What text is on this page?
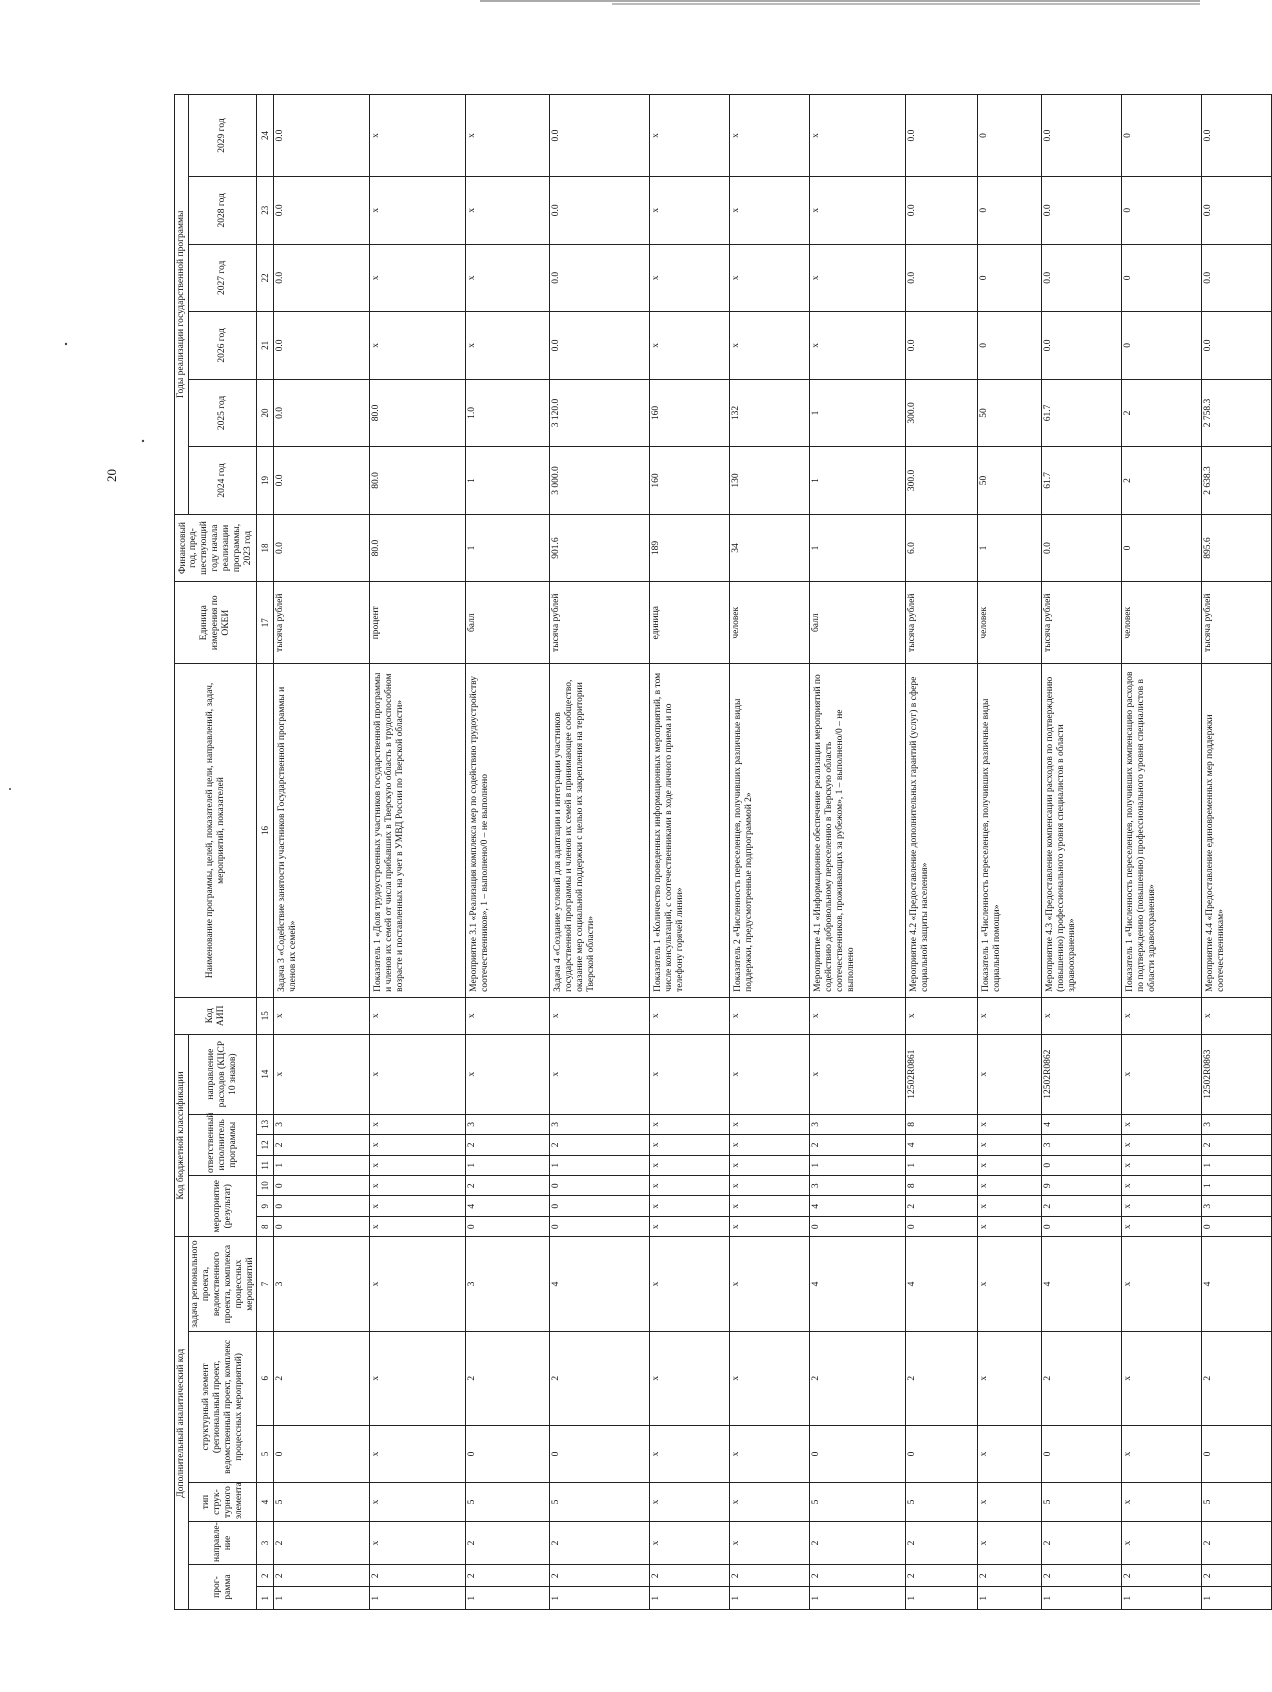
20
Дополнительный аналитический код							Код бюджетной классификации							Код АИП	Наименование программы, целей, показателей цели, направлений, задач, мероприятий, показателей	Единица измерения по ОКЕИ	Финансовый год, пред-шествующий году начала реализации программы, 2023 год	Годы реализации государственной программы					
прог-рамма		направле-ние	тип струк-турного элемента	структурный элемент (региональный проект, ведомственный проект, комплекс процессных мероприятий)		задача регионального проекта, ведомственного проекта, комплекса процессных мероприятий	мероприятие (результат)			ответственный исполнитель программы			направление расходов (КЦСР 10 знаков)					2024 год	2025 год	2026 год	2027 год	2028 год	2029 год

1	2	3	4	5	6	7	8	9	10	11	12	13	14	15	16	17	18	19	20	21	22	23	24
1	2	2	5	0	2	3	0	0	0	1	2	3	x	x	Задача 3 «Содействие занятости участников Государственной программы и членов их семей»	тысяча рублей	0.0	0.0	0.0	0.0	0.0	0.0	0.0
1	2	x	x	x	x	x	x	x	x	x	x	x	x	x	Показатель 1 «Доля трудоустроенных участников государственной программы и членов их семей от числа прибывших в Тверскую область в трудоспособном возрасте и поставленных на учет в УМВД России по Тверской области»	процент	80.0	80.0	80.0	x	x	x	x
1	2	2	5	0	2	3	0	4	2	1	2	3	x	x	Мероприятие 3.1 «Реализация комплекса мер по содействию трудоустройству соотечественников», 1 – выполнено/0 – не выполнено	балл	1	1	1.0	x	x	x	x
1	2	2	5	0	2	4	0	0	0	1	2	3	x	x	Задача 4 «Создание условий для адаптации и интеграции участников государственной программы и членов их семей в принимающее сообщество, оказание мер социальной поддержки с целью их закрепления на территории Тверской области»	тысяча рублей	901.6	3 000.0	3 120.0	0.0	0.0	0.0	0.0
1	2	x	x	x	x	x	x	x	x	x	x	x	x	x	Показатель 1 «Количество проведенных информационных мероприятий, в том числе консультаций, с соотечественниками в ходе личного приема и по телефону горячей линии»	единица	189	160	160	x	x	x	x
1	2	x	x	x	x	x	x	x	x	x	x	x	x	x	Показатель 2 «Численность переселенцев, получивших различные виды поддержки, предусмотренные подпрограммой 2»	человек	34	130	132	x	x	x	x
1	2	2	5	0	2	4	0	4	3	1	2	3	x	x	Мероприятие 4.1 «Информационное обеспечение реализации мероприятий по содействию добровольному переселению в Тверскую область соотечественников, проживающих за рубежом», 1 – выполнено/0 – не выполнено	балл	1	1	1	x	x	x	x
1	2	2	5	0	2	4	0	2	8	1	4	8	12502R0861	x	Мероприятие 4.2 «Предоставление дополнительных гарантий (услуг) в сфере социальной защиты населения»	тысяча рублей	6.0	300.0	300.0	0.0	0.0	0.0	0.0
1	2	x	x	x	x	x	x	x	x	x	x	x	x	x	Показатель 1 «Численность переселенцев, получивших различные виды социальной помощи»	человек	1	50	50	0	0	0	0
1	2	2	5	0	2	4	0	2	9	0	3	4	12502R0862	x	Мероприятие 4.3 «Предоставление компенсации расходов по подтверждению (повышению) профессионального уровня специалистов в области здравоохранения»	тысяча рублей	0.0	61.7	61.7	0.0	0.0	0.0	0.0
1	2	x	x	x	x	x	x	x	x	x	x	x	x	x	Показатель 1 «Численность переселенцев, получивших компенсацию расходов по подтверждению (повышению) профессионального уровня специалистов в области здравоохранения»	человек	0	2	2	0	0	0	0
1	2	2	5	0	2	4	0	3	1	1	2	3	12502R0863	x	Мероприятие 4.4 «Предоставление единовременных мер поддержки соотечественникам»	тысяча рублей	895.6	2 638.3	2 758.3	0.0	0.0	0.0	0.0
